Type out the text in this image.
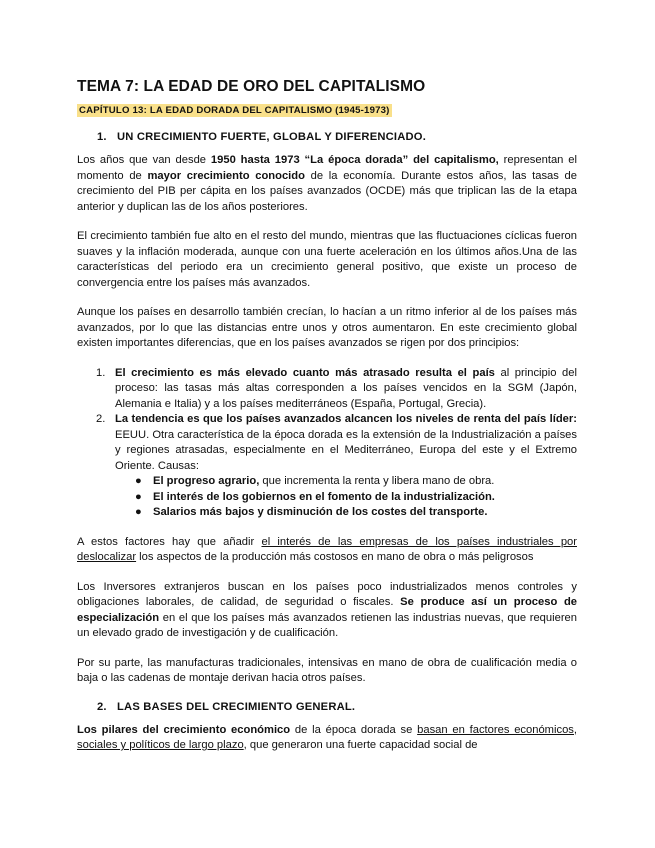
TEMA 7: LA EDAD DE ORO DEL CAPITALISMO
CAPÍTULO 13: LA EDAD DORADA DEL CAPITALISMO (1945-1973)
1. UN CRECIMIENTO FUERTE, GLOBAL Y DIFERENCIADO.

Los años que van desde 1950 hasta 1973 “La época dorada” del capitalismo, representan el momento de mayor crecimiento conocido de la economía. Durante estos años, las tasas de crecimiento del PIB per cápita en los países avanzados (OCDE) más que triplican las de la etapa anterior y duplican las de los años posteriores.

El crecimiento también fue alto en el resto del mundo, mientras que las fluctuaciones cíclicas fueron suaves y la inflación moderada, aunque con una fuerte aceleración en los últimos años.Una de las características del periodo era un crecimiento general positivo, que existe un proceso de convergencia entre los países más avanzados.

Aunque los países en desarrollo también crecían, lo hacían a un ritmo inferior al de los países más avanzados, por lo que las distancias entre unos y otros aumentaron. En este crecimiento global existen importantes diferencias, que en los países avanzados se rigen por dos principios:

1. El crecimiento es más elevado cuanto más atrasado resulta el país al principio del proceso: las tasas más altas corresponden a los países vencidos en la SGM (Japón, Alemania e Italia) y a los países mediterráneos (España, Portugal, Grecia).
2. La tendencia es que los países avanzados alcancen los niveles de renta del país líder: EEUU. Otra característica de la época dorada es la extensión de la Industrialización a países y regiones atrasadas, especialmente en el Mediterráneo, Europa del este y el Extremo Oriente. Causas:
● El progreso agrario, que incrementa la renta y libera mano de obra.
● El interés de los gobiernos en el fomento de la industrialización.
● Salarios más bajos y disminución de los costes del transporte.

A estos factores hay que añadir el interés de las empresas de los países industriales por deslocalizar los aspectos de la producción más costosos en mano de obra o más peligrosos

Los Inversores extranjeros buscan en los países poco industrializados menos controles y obligaciones laborales, de calidad, de seguridad o fiscales. Se produce así un proceso de especialización en el que los países más avanzados retienen las industrias nuevas, que requieren un elevado grado de investigación y de cualificación.

Por su parte, las manufacturas tradicionales, intensivas en mano de obra de cualificación media o baja o las cadenas de montaje derivan hacia otros países.

2. LAS BASES DEL CRECIMIENTO GENERAL.

Los pilares del crecimiento económico de la época dorada se basan en factores económicos, sociales y políticos de largo plazo, que generaron una fuerte capacidad social de
